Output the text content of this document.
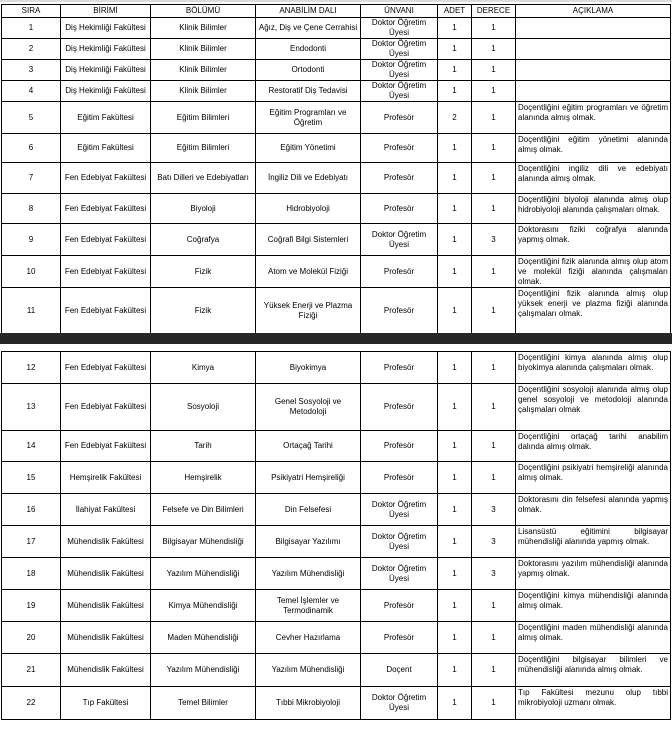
SIRA	BİRİMİ	BÖLÜMÜ	ANABİLİM DALI	ÜNVANI	ADET	DERECE	AÇIKLAMA
1	Diş Hekimliği Fakültesi	Klinik Bilimler	Ağız, Diş ve Çene Cerrahisi	Doktor Öğretim Üyesi	1	1	
2	Diş Hekimliği Fakültesi	Klinik Bilimler	Endodonti	Doktor Öğretim Üyesi	1	1	
3	Diş Hekimliği Fakültesi	Klinik Bilimler	Ortodonti	Doktor Öğretim Üyesi	1	1	
4	Diş Hekimliği Fakültesi	Klinik Bilimler	Restoratif Diş Tedavisi	Doktor Öğretim Üyesi	1	1	
5	Eğitim Fakültesi	Eğitim Bilimleri	Eğitim Programları ve Öğretim	Profesör	2	1	Doçentliğini eğitim programları ve öğretim alanında almış olmak.
6	Eğitim Fakültesi	Eğitim Bilimleri	Eğitim Yönetimi	Profesör	1	1	Doçentliğini eğitim yönetimi alanında almış olmak.
7	Fen Edebiyat Fakültesi	Batı Dilleri ve Edebiyatları	İngiliz Dili ve Edebiyatı	Profesör	1	1	Doçentliğini ingiliz dili ve edebiyatı alanında almış olmak.
8	Fen Edebiyat Fakültesi	Biyoloji	Hidrobiyoloji	Profesör	1	1	Doçentliğini biyoloji alanında almış olup hidrobiyoloji alanında çalışmaları olmak.
9	Fen Edebiyat Fakültesi	Coğrafya	Coğrafi Bilgi Sistemleri	Doktor Öğretim Üyesi	1	3	Doktorasını fiziki coğrafya alanında yapmış olmak.
10	Fen Edebiyat Fakültesi	Fizik	Atom ve Molekül Fiziği	Profesör	1	1	Doçentliğini fizik alanında almış olup atom ve molekül fiziği alanında çalışmaları olmak.
11	Fen Edebiyat Fakültesi	Fizik	Yüksek Enerji ve Plazma Fiziği	Profesör	1	1	Doçentliğini fizik alanında almış olup yüksek enerji ve plazma fiziği alanında çalışmaları olmak.
12	Fen Edebiyat Fakültesi	Kimya	Biyokimya	Profesör	1	1	Doçentliğini kimya alanında almış olup biyokimya alanında çalışmaları olmak.
13	Fen Edebiyat Fakültesi	Sosyoloji	Genel Sosyoloji ve Metodoloji	Profesör	1	1	Doçentliğini sosyoloji alanında almış olup genel sosyoloji ve metodoloji alanında çalışmaları olmak
14	Fen Edebiyat Fakültesi	Tarih	Ortaçağ Tarihi	Profesör	1	1	Doçentliğini ortaçağ tarihi anabilim dalında almış olmak.
15	Hemşirelik Fakültesi	Hemşirelik	Psikiyatri Hemşireliği	Profesör	1	1	Doçentliğini psikiyatri hemşireliği alanında almış olmak.
16	İlahiyat Fakültesi	Felsefe ve Din Bilimleri	Din Felsefesi	Doktor Öğretim Üyesi	1	3	Doktorasını din felsefesi alanında yapmış olmak.
17	Mühendislik Fakültesi	Bilgisayar Mühendisliği	Bilgisayar Yazılımı	Doktor Öğretim Üyesi	1	3	Lisansüstü eğitimini bilgisayar mühendisliği alanında yapmış olmak.
18	Mühendislik Fakültesi	Yazılım Mühendisliği	Yazılım Mühendisliği	Doktor Öğretim Üyesi	1	3	Doktorasını yazılım mühendisliği alanında yapmış olmak.
19	Mühendislik Fakültesi	Kimya Mühendisliği	Temel İşlemler ve Termodinamik	Profesör	1	1	Doçentliğini kimya mühendisliği alanında almış olmak.
20	Mühendislik Fakültesi	Maden Mühendisliği	Cevher Hazırlama	Profesör	1	1	Doçentliğini maden mühendisliği alanında almış olmak.
21	Mühendislik Fakültesi	Yazılım Mühendisliği	Yazılım Mühendisliği	Doçent	1	1	Doçentliğini bilgisayar bilimleri ve mühendisliği alanında almış olmak.
22	Tıp Fakültesi	Temel Bilimler	Tıbbi Mikrobiyoloji	Doktor Öğretim Üyesi	1	1	Tıp Fakültesi mezunu olup tıbbi mikrobiyoloji uzmanı olmak.
